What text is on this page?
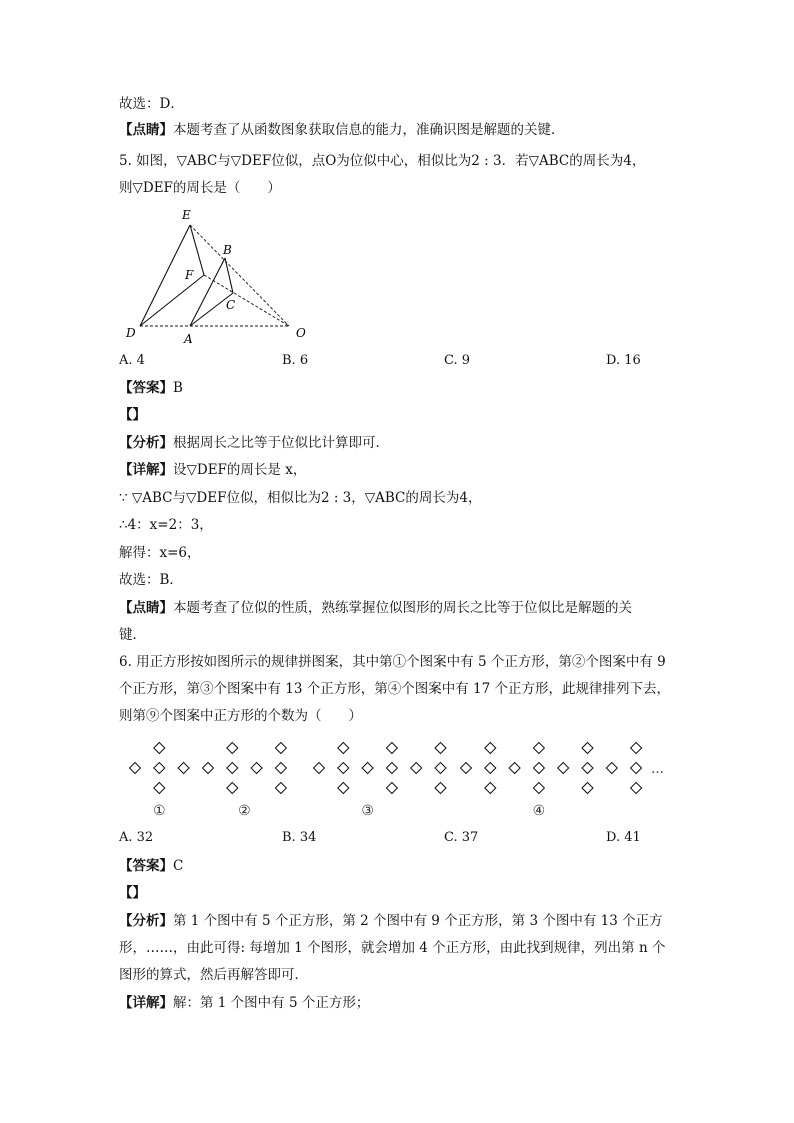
故选：D．
【点睛】本题考查了从函数图象获取信息的能力，准确识图是解题的关键．
5. 如图，▽ABC与▽DEF位似，点O为位似中心，相似比为2 : 3．若▽ABC的周长为4，
则▽DEF的周长是（　　）
E
B
F
C
D	A	O
A. 4	B. 6	C. 9	D. 16
【答案】B
【】
【分析】根据周长之比等于位似比计算即可．
【详解】设▽DEF的周长是 x，
∵ ▽ABC与▽DEF位似，相似比为2 : 3，▽ABC的周长为4，
∴4：x=2：3，
解得：x=6，
故选：B．
【点睛】本题考查了位似的性质，熟练掌握位似图形的周长之比等于位似比是解题的关
键．
6. 用正方形按如图所示的规律拼图案，其中第①个图案中有 5 个正方形，第②个图案中有 9
个正方形，第③个图案中有 13 个正方形，第④个图案中有 17 个正方形，此规律排列下去，
则第⑨个图案中正方形的个数为（　　）
①	②	③	④
…
A. 32	B. 34	C. 37	D. 41
【答案】C
【】
【分析】第 1 个图中有 5 个正方形，第 2 个图中有 9 个正方形，第 3 个图中有 13 个正方
形，……，由此可得: 每增加 1 个图形，就会增加 4 个正方形，由此找到规律，列出第 n 个
图形的算式，然后再解答即可．
【详解】解：第 1 个图中有 5 个正方形；
